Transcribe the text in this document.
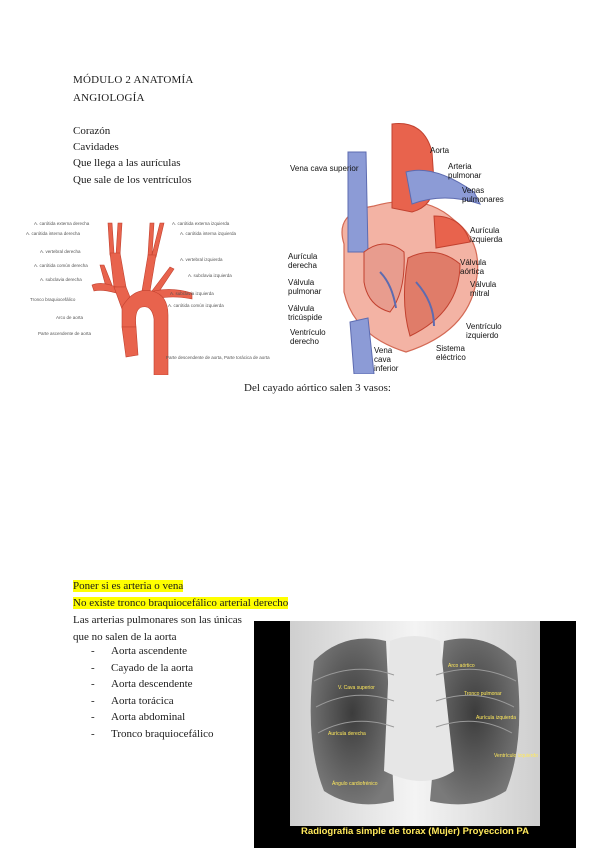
MÓDULO 2 ANATOMÍA
ANGIOLOGÍA
Corazón
Cavidades
Que llega a las aurículas
Que sale de los ventrículos
A. carótida externa derecha
A. carótida interna derecha
A. vertebral derecha
A. carótida común derecha
A. subclavia derecha
Tronco braquiocefálico
Arco de aorta
Parte ascendente de aorta
A. carótida externa izquierda
A. carótida interna izquierda
A. vertebral izquierda
A. subclavia izquierda
A. subclavia izquierda
A. carótida común izquierda
Parte descendente de aorta, Parte torácica de aorta
Vena cava superior
Aorta
Arteria pulmonar
Venas pulmonares
Aurícula izquierda
Válvula aórtica
Válvula mitral
Aurícula derecha
Válvula pulmonar
Válvula tricúspide
Ventrículo derecho
Ventrículo izquierdo
Vena cava inferior
Sistema eléctrico
Del cayado aórtico salen 3 vasos:
Poner si es arteria o vena
No existe tronco braquiocefálico arterial derecho
Las arterias pulmonares son las únicas
que no salen de la aorta
- Aorta ascendente
- Cayado de la aorta
- Aorta descendente
- Aorta torácica
- Aorta abdominal
- Tronco braquiocefálico
Arco aórtico
V. Cava superior
Tronco pulmonar
Aurícula izquierda
Aurícula derecha
Ventrículo izquierdo
Ángulo cardiofrénico
Radiografia simple de torax (Mujer) Proyeccion PA
